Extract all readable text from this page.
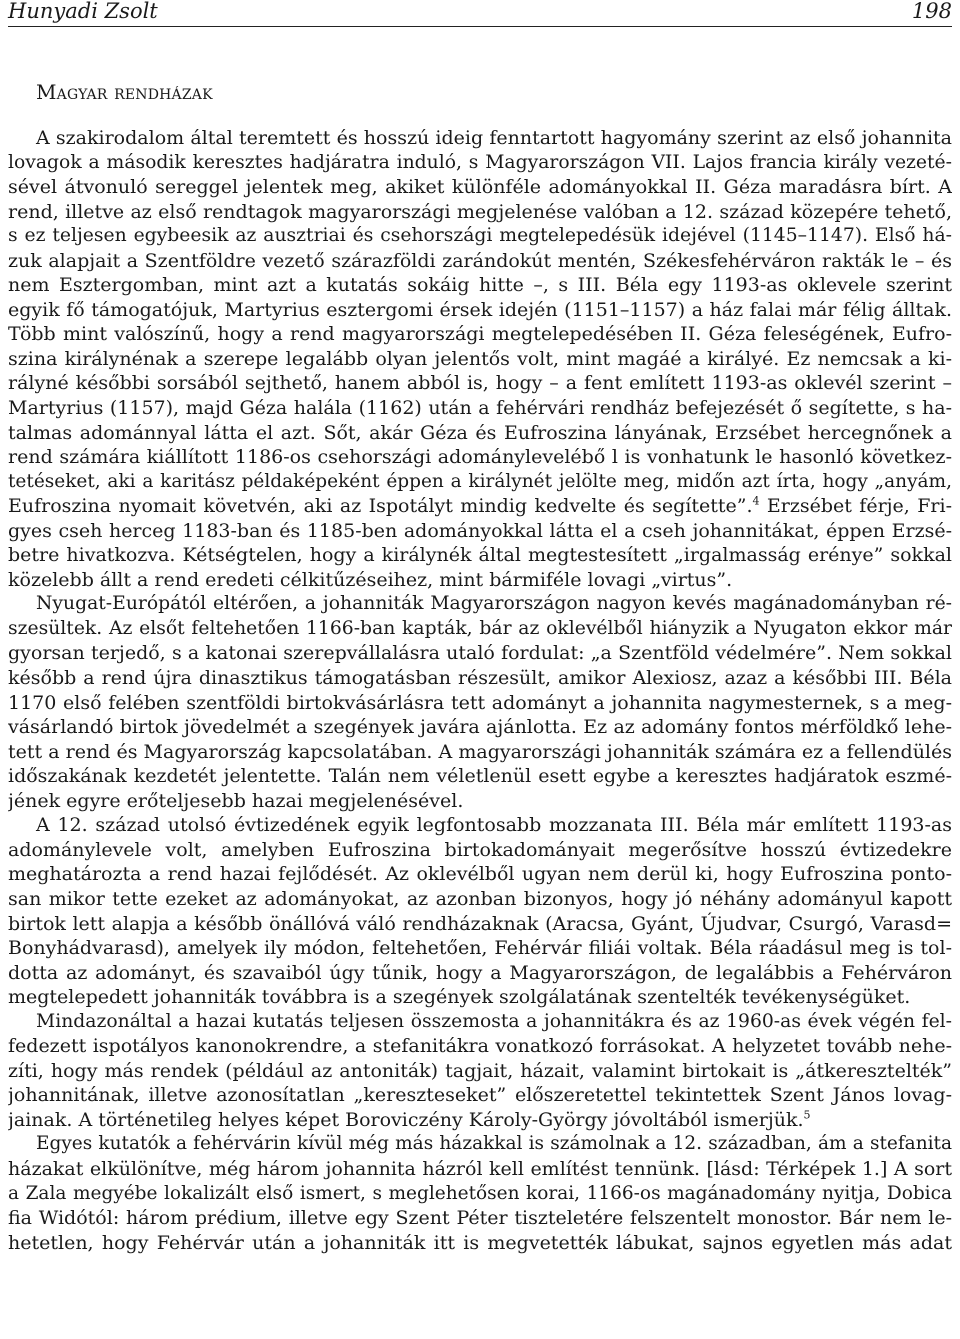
Hunyadi Zsolt	198
Magyar rendházak
A szakirodalom által teremtett és hosszú ideig fenntartott hagyomány szerint az első johannita
lovagok a második keresztes hadjáratra induló, s Magyarországon VII. Lajos francia király vezeté-
sével átvonuló sereggel jelentek meg, akiket különféle adományokkal II. Géza maradásra bírt. A
rend, illetve az első rendtagok magyarországi megjelenése valóban a 12. század közepére tehető,
s ez teljesen egybeesik az ausztriai és csehországi megtelepedésük idejével (1145–1147). Első há-
zuk alapjait a Szentföldre vezető szárazföldi zarándokút mentén, Székesfehérváron rakták le – és
nem Esztergomban, mint azt a kutatás sokáig hitte –, s III. Béla egy 1193-as oklevele szerint
egyik fő támogatójuk, Martyrius esztergomi érsek idején (1151–1157) a ház falai már félig álltak.
Több mint valószínű, hogy a rend magyarországi megtelepedésében II. Géza feleségének, Eufro-
szina királynénak a szerepe legalább olyan jelentős volt, mint magáé a királyé. Ez nemcsak a ki-
rályné későbbi sorsából sejthető, hanem abból is, hogy – a fent említett 1193-as oklevél szerint –
Martyrius (1157), majd Géza halála (1162) után a fehérvári rendház befejezését ő segítette, s ha-
talmas adománnyal látta el azt. Sőt, akár Géza és Eufroszina lányának, Erzsébet hercegnőnek a
rend számára kiállított 1186-os csehországi adománylevelébő l is vonhatunk le hasonló következ-
tetéseket, aki a karitász példaképeként éppen a királynét jelölte meg, midőn azt írta, hogy „anyám,
Eufroszina nyomait követvén, aki az Ispotályt mindig kedvelte és segítette”.$^4$ Erzsébet férje, Fri-
gyes cseh herceg 1183-ban és 1185-ben adományokkal látta el a cseh johannitákat, éppen Erzsé-
betre hivatkozva. Kétségtelen, hogy a királynék által megtestesített „irgalmasság erénye” sokkal
közelebb állt a rend eredeti célkitűzéseihez, mint bármiféle lovagi „virtus”.
Nyugat-Európától eltérően, a johanniták Magyarországon nagyon kevés magánadományban ré-
szesültek. Az elsőt feltehetően 1166-ban kapták, bár az oklevélből hiányzik a Nyugaton ekkor már
gyorsan terjedő, s a katonai szerepvállalásra utaló fordulat: „a Szentföld védelmére”. Nem sokkal
később a rend újra dinasztikus támogatásban részesült, amikor Alexiosz, azaz a későbbi III. Béla
1170 első felében szentföldi birtokvásárlásra tett adományt a johannita nagymesternek, s a meg-
vásárlandó birtok jövedelmét a szegények javára ajánlotta. Ez az adomány fontos mérföldkő lehe-
tett a rend és Magyarország kapcsolatában. A magyarországi johanniták számára ez a fellendülés
időszakának kezdetét jelentette. Talán nem véletlenül esett egybe a keresztes hadjáratok eszmé-
jének egyre erőteljesebb hazai megjelenésével.
A 12. század utolsó évtizedének egyik legfontosabb mozzanata III. Béla már említett 1193-as
adománylevele volt, amelyben Eufroszina birtokadományait megerősítve hosszú évtizedekre
meghatározta a rend hazai fejlődését. Az oklevélből ugyan nem derül ki, hogy Eufroszina ponto-
san mikor tette ezeket az adományokat, az azonban bizonyos, hogy jó néhány adományul kapott
birtok lett alapja a később önállóvá váló rendházaknak (Aracsa, Gyánt, Újudvar, Csurgó, Varasd=
Bonyhádvarasd), amelyek ily módon, feltehetően, Fehérvár filiái voltak. Béla ráadásul meg is tol-
dotta az adományt, és szavaiból úgy tűnik, hogy a Magyarországon, de legalábbis a Fehérváron
megtelepedett johanniták továbbra is a szegények szolgálatának szentelték tevékenységüket.
Mindazonáltal a hazai kutatás teljesen összemosta a johannitákra és az 1960-as évek végén fel-
fedezett ispotályos kanonokrendre, a stefanitákra vonatkozó forrásokat. A helyzetet tovább nehe-
zíti, hogy más rendek (például az antoniták) tagjait, házait, valamint birtokait is „átkeresztelték”
johannitának, illetve azonosítatlan „kereszteseket” előszeretettel tekintettek Szent János lovag-
jainak. A történetileg helyes képet Boroviczény Károly-György jóvoltából ismerjük.$^5$
Egyes kutatók a fehérvárin kívül még más házakkal is számolnak a 12. században, ám a stefanita
házakat elkülönítve, még három johannita házról kell említést tennünk. [lásd: Térképek 1.] A sort
a Zala megyébe lokalizált első ismert, s meglehetősen korai, 1166-os magánadomány nyitja, Dobica
fia Widótól: három prédium, illetve egy Szent Péter tiszteletére felszentelt monostor. Bár nem le-
hetetlen, hogy Fehérvár után a johanniták itt is megvetették lábukat, sajnos egyetlen más adat
